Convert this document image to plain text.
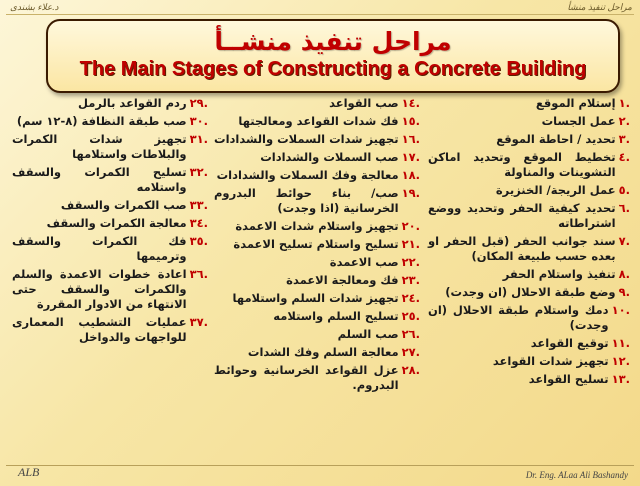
مراحل تنفيذ منشأ
د.علاء بشندى
مراحل تنفيذ منشــأ
The Main Stages of Constructing a Concrete Building
.١
إستلام الموقع
.٢
عمل الجسات
.٣
تحديد / احاطة الموقع
.٤
تخطيط الموقع وتحديد اماكن التشوينات والمناولة
.٥
عمل الريجة/ الخنزيرة
.٦
تحديد كيفية الحفر وتحديد ووضع اشتراطاته
.٧
سند جوانب الحفر (قبل الحفر او بعده حسب طبيعة المكان)
.٨
تنفيذ واستلام الحفر
.٩
وضع طبقة الاحلال (ان وجدت)
.١٠
دمك واستلام طبقة الاحلال (ان وجدت)
.١١
توقيع القواعد
.١٢
تجهيز شدات القواعد
.١٣
تسليح القواعد
.١٤
صب القواعد
.١٥
فك شدات القواعد ومعالجتها
.١٦
تجهيز شدات السملات والشدادات
.١٧
صب السملات والشدادات
.١٨
معالجة وفك السملات والشدادات
.١٩
صب/ بناء حوائط البدروم الخرسانية (اذا وجدت)
.٢٠
تجهيز واستلام شدات الاعمدة
.٢١
تسليح واستلام تسليح الاعمدة
.٢٢
صب الاعمدة
.٢٣
فك ومعالجة الاعمدة
.٢٤
تجهيز شدات السلم واستلامها
.٢٥
تسليح السلم واستلامه
.٢٦
صب السلم
.٢٧
معالجة السلم وفك الشدات
.٢٨
عزل القواعد الخرسانية وحوائط البدروم.
.٢٩
ردم القواعد بالرمل
.٣٠
صب طبقة النظافة (٨-١٢ سم)
.٣١
تجهيز شدات الكمرات والبلاطات واستلامها
.٣٢
تسليح الكمرات والسقف واستلامه
.٣٣
صب الكمرات والسقف
.٣٤
معالجة الكمرات والسقف
.٣٥
فك الكمرات والسقف وترميمها
.٣٦
اعادة خطوات الاعمدة والسلم والكمرات والسقف حتى الانتهاء من الادوار المقررة
.٣٧
عمليات التشطيب المعمارى للواجهات والدواخل
ALB	Dr. Eng. ALaa Ali Bashandy
